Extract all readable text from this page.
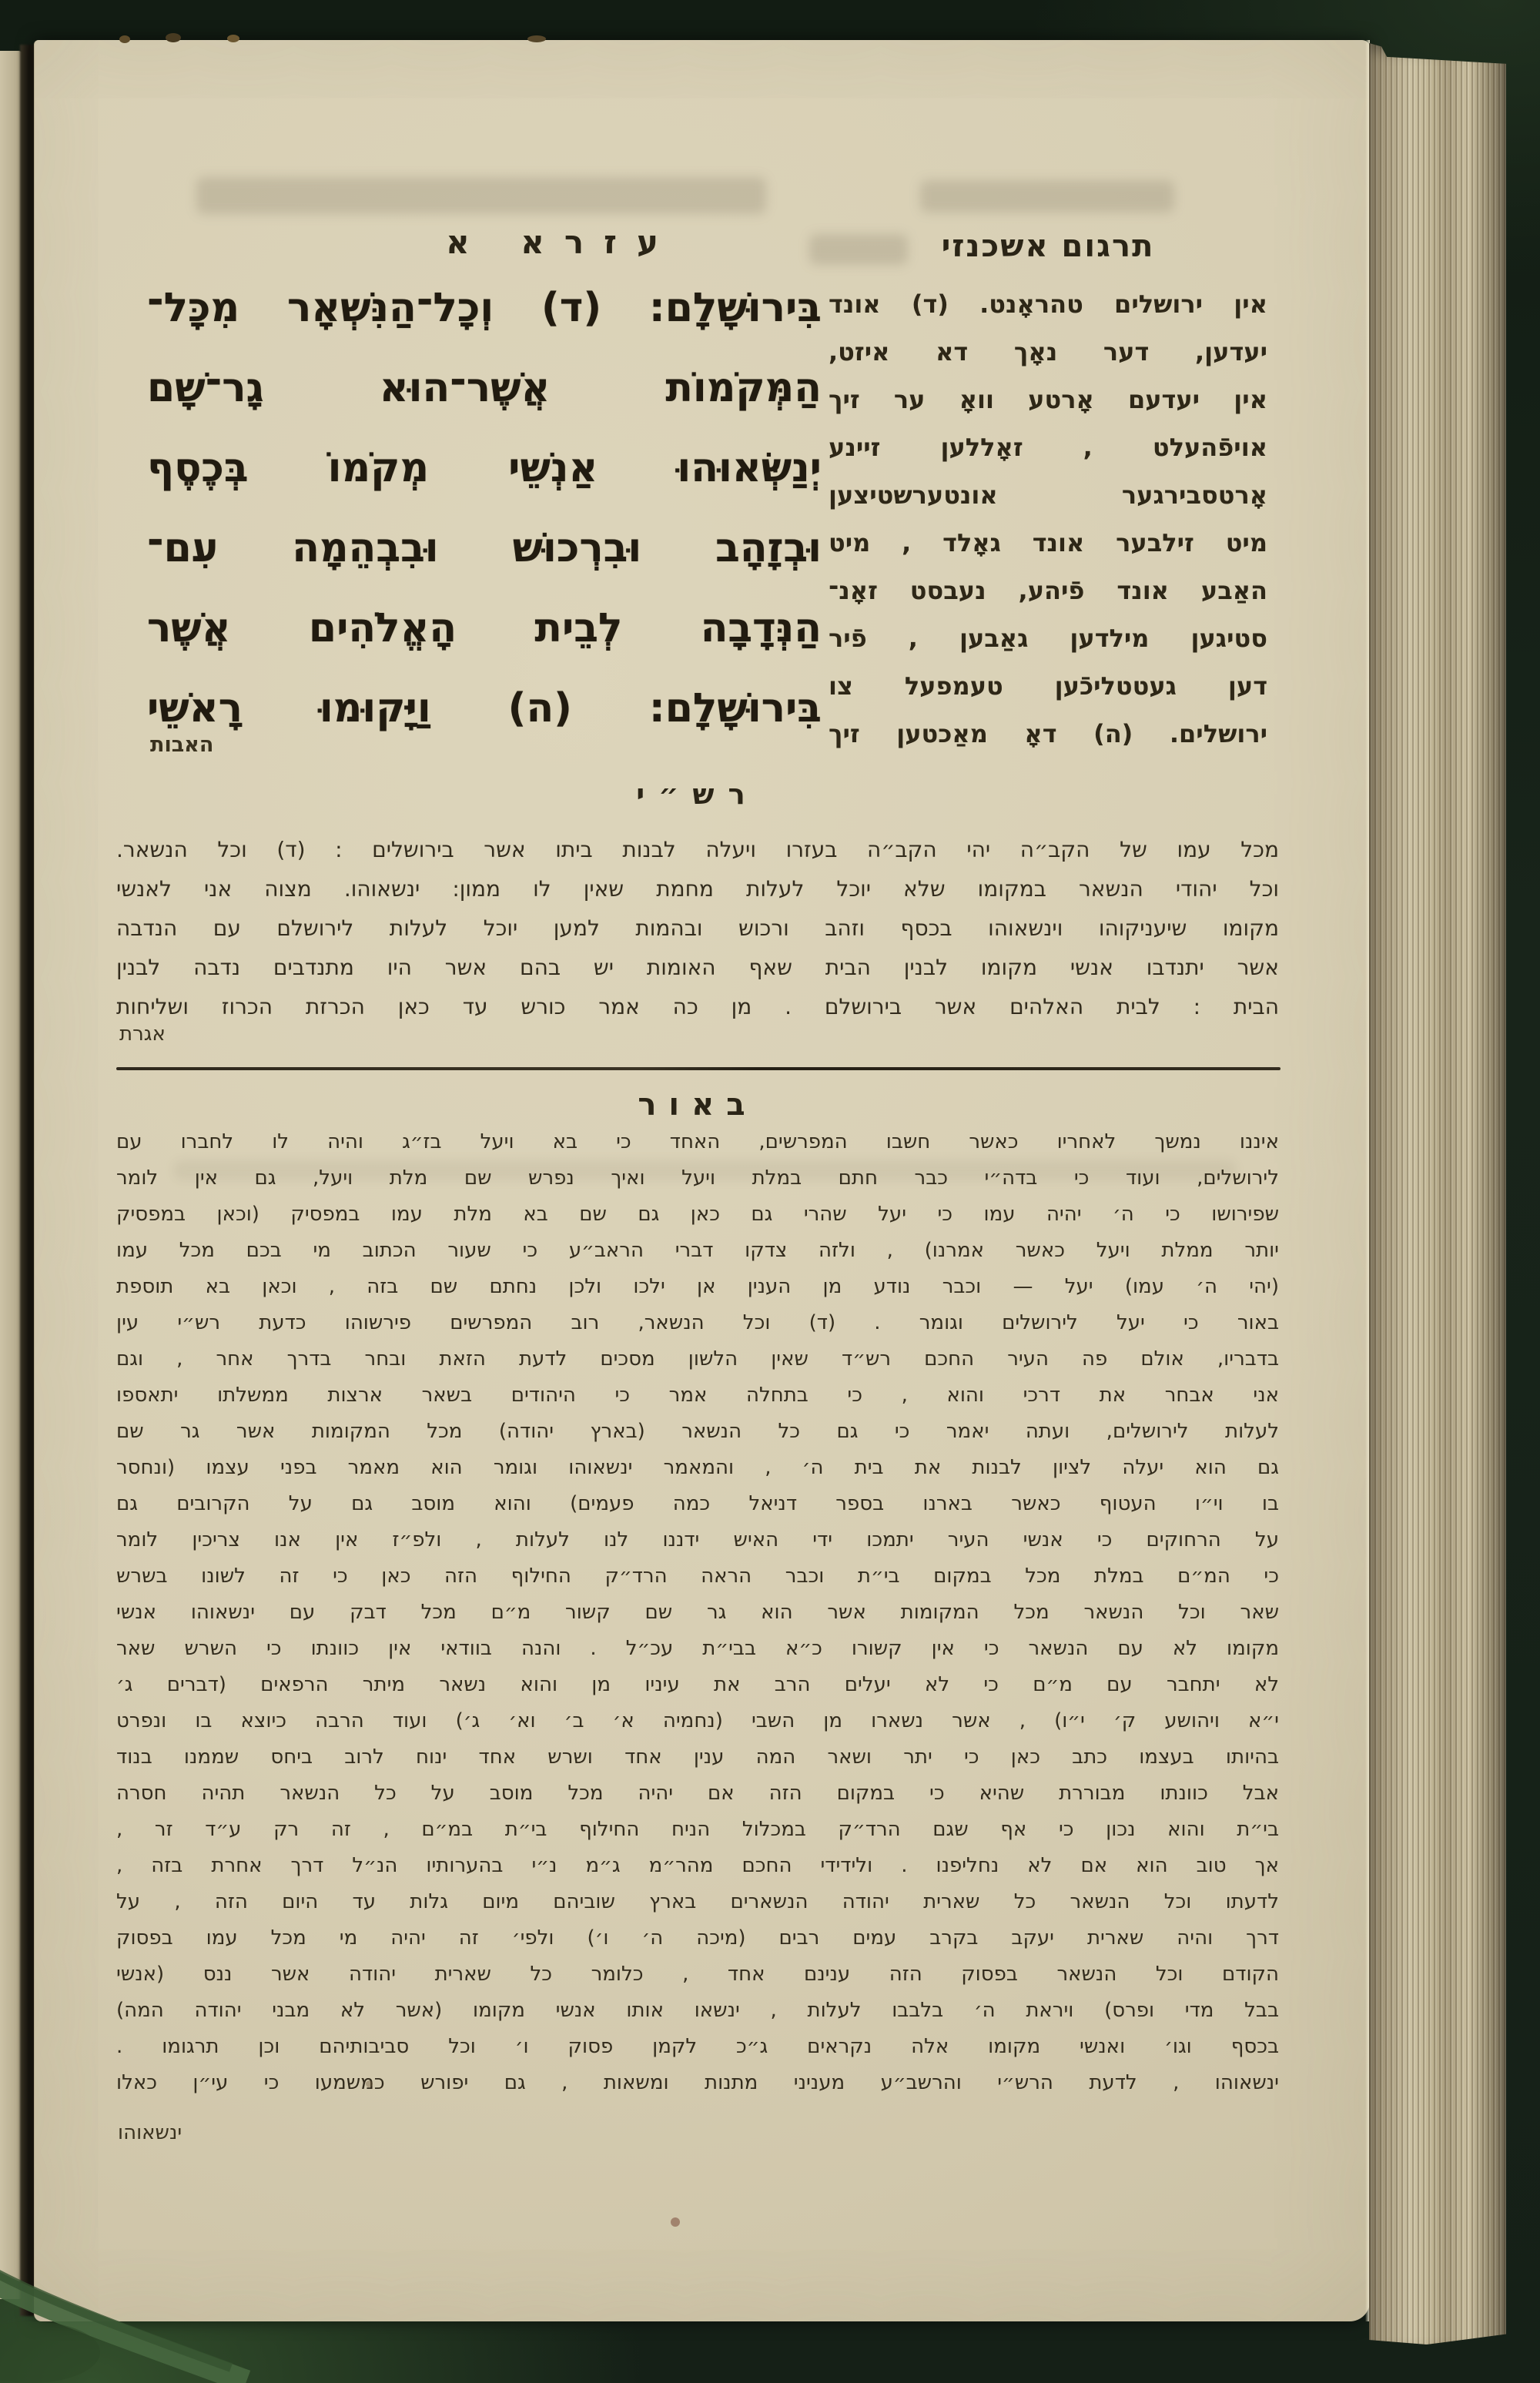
תרגום אשכנזי
עזרא א
אין ירושלים טהראָנט. (ד) אונד
יעדען, דער נאָך דא איזט,
אין יעדעם אָרטע וואָ ער זיך
אויפֿהעלט , זאָללען זיינע
אָרטסבירגער אונטערשטיצען
מיט זילבער אונד גאָלד , מיט
האַבע אונד פֿיהע, נעבסט זאָנ־
סטיגען מילדען גאַבען , פֿיר
דען געטטליכֿען טעמפעל צו
ירושלים. (ה) דאָ מאַכטען זיך
בִּירוּשָׁלִָם: (ד) וְכָל־הַנִּשְׁאָר מִכָּל־
הַמְּקֹמוֹת אֲשֶׁר־הוּא גָר־שָׁם
יְנַשְּׂאוּהוּ אַנְשֵׁי מְקֹמוֹ בְּכֶסֶף
וּבְזָהָב וּבִרְכוּשׁ וּבִבְהֵמָה עִם־
הַנְּדָבָה לְבֵית הָאֱלֹהִים אֲשֶׁר
בִּירוּשָׁלִָם: (ה) וַיָּקוּמוּ רָאשֵׁי
האבות
רש״י
מכל עמו של הקב״ה יהי הקב״ה בעזרו ויעלה לבנות ביתו אשר בירושלים : (ד) וכל הנשאר.
וכל יהודי הנשאר במקומו שלא יוכל לעלות מחמת שאין לו ממון: ינשאוהו. מצוה אני לאנשי
מקומו שיעניקוהו וינשאוהו בכסף וזהב ורכוש ובהמות למען יוכל לעלות לירושלם עם הנדבה
אשר יתנדבו אנשי מקומו לבנין הבית שאף האומות יש בהם אשר היו מתנדבים נדבה לבנין
הבית : לבית האלהים אשר בירושלם . מן כה אמר כורש עד כאן הכרזת הכרוז ושליחות
אגרת
באור
איננו נמשך לאחריו כאשר חשבו המפרשים, האחד כי בא ויעל בז״ג והיה לו לחברו עם
לירושלים, ועוד כי בדה״י כבר חתם במלת ויעל ואיך נפרש שם מלת ויעל, גם אין לומר
שפירושו כי ה׳ יהיה עמו כי יעל שהרי גם כאן גם שם בא מלת עמו במפסיק (וכאן במפסיק
יותר ממלת ויעל כאשר אמרנו) , ולזה צדקו דברי הראב״ע כי שעור הכתוב מי בכם מכל עמו
(יהי ה׳ עמו) יעל — וכבר נודע מן הענין אן ילכו ולכן נחתם שם בזה , וכאן בא תוספת
באור כי יעל לירושלים וגומר . (ד) וכל הנשאר, רוב המפרשים פירשוהו כדעת רש״י עין
בדבריו, אולם פה העיר החכם רש״ד שאין הלשון מסכים לדעת הזאת ובחר בדרך אחר , וגם
אני אבחר את דרכי והוא , כי בתחלה אמר כי היהודים בשאר ארצות ממשלתו יתאספו
לעלות לירושלים, ועתה יאמר כי גם כל הנשאר (בארץ יהודה) מכל המקומות אשר גר שם
גם הוא יעלה לציון לבנות את בית ה׳ , והמאמר ינשאוהו וגומר הוא מאמר בפני עצמו (ונחסר
בו וי״ו העטוף כאשר בארנו בספר דניאל כמה פעמים) והוא מוסב גם על הקרובים גם
על הרחוקים כי אנשי העיר יתמכו ידי האיש ידננו לנו לעלות , ולפ״ז אין אנו צריכין לומר
כי המ״ם במלת מכל במקום בי״ת וכבר הראה הרד״ק החילוף הזה כאן כי זה לשונו בשרש
שאר וכל הנשאר מכל המקומות אשר הוא גר שם קשור מ״ם מכל דבק עם ינשאוהו אנשי
מקומו לא עם הנשאר כי אין קשורו כ״א בבי״ת עכ״ל . והנה בוודאי אין כוונתו כי השרש שאר
לא יתחבר עם מ״ם כי לא יעלים הרב את עיניו מן והוא נשאר מיתר הרפאים (דברים ג׳
י״א ויהושע ק׳ י״ו) , אשר נשארו מן השבי (נחמיה א׳ ב׳ וא׳ ג׳) ועוד הרבה כיוצא בו ונפרט
בהיותו בעצמו כתב כאן כי יתר ושאר המה ענין אחד ושרש אחד ינוח לרוב ביחס שממנו בנוד
אבל כוונתו מבוררת שהיא כי במקום הזה אם יהיה מכל מוסב על כל הנשאר תהיה חסרה
בי״ת והוא נכון כי אף שגם הרד״ק במכלול הניח החילוף בי״ת במ״ם , זה רק ע״ד זר ,
אך טוב הוא אם לא נחליפנו . ולידידי החכם מהר״מ ג״מ נ״י בהערותיו הנ״ל דרך אחרת בזה ,
לדעתו וכל הנשאר כל שארית יהודה הנשארים בארץ שוביהם מיום גלות עד היום הזה , על
דרך והיה שארית יעקב בקרב עמים רבים (מיכה ה׳ ו׳) ולפי׳ זה יהיה מי מכל עמו בפסוק
הקודם וכל הנשאר בפסוק הזה ענינם אחד , כלומר כל שארית יהודה אשר ננס (אנשי
בבל מדי ופרס) ויראת ה׳ בלבבו לעלות , ינשאו אותו אנשי מקומו (אשר לא מבני יהודה המה)
בכסף וגו׳ ואנשי מקומו אלה נקראים ג״כ לקמן פסוק ו׳ וכל סביבותיהם וכן תרגומו .
ינשאוהו , לדעת הרש״י והרשב״ע מעניני מתנות ומשאות , גם יפורש כמשמעו כי עי״ן כאלו
ינשאוהו
